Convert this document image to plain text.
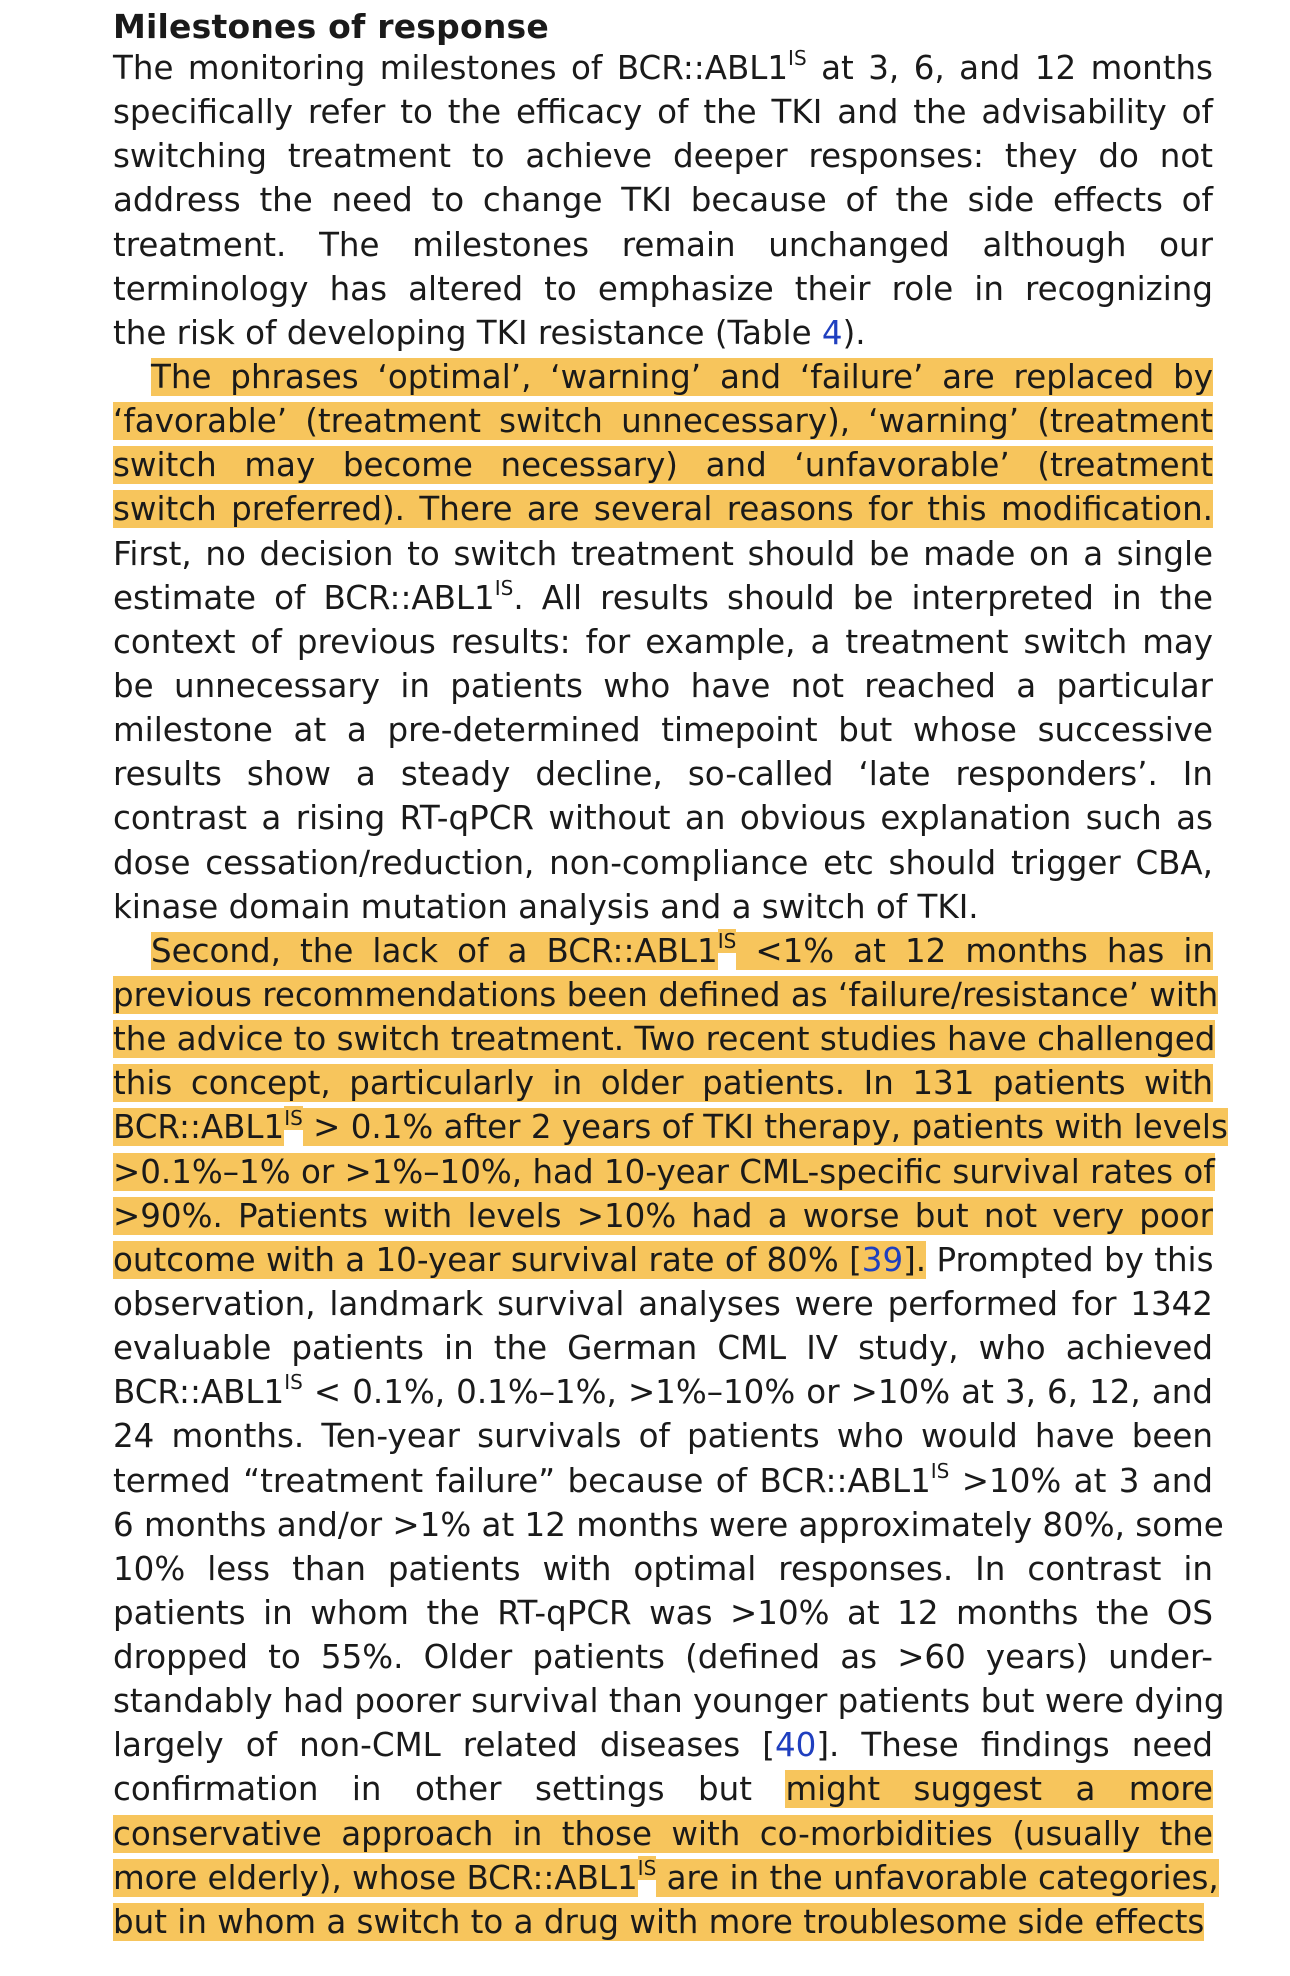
Milestones of response
The monitoring milestones of $BCR::ABL1^{IS}$ at 3, 6, and 12 months
specifically refer to the efficacy of the TKI and the advisability of
switching treatment to achieve deeper responses: they do not
address the need to change TKI because of the side effects of
treatment. The milestones remain unchanged although our
terminology has altered to emphasize their role in recognizing
the risk of developing TKI resistance (Table 4).
The phrases ‘optimal’, ‘warning’ and ‘failure’ are replaced by
‘favorable’ (treatment switch unnecessary), ‘warning’ (treatment
switch may become necessary) and ‘unfavorable’ (treatment
switch preferred). There are several reasons for this modification.
First, no decision to switch treatment should be made on a single
estimate of $BCR::ABL1^{IS}$. All results should be interpreted in the
context of previous results: for example, a treatment switch may
be unnecessary in patients who have not reached a particular
milestone at a pre-determined timepoint but whose successive
results show a steady decline, so-called ‘late responders’. In
contrast a rising RT-qPCR without an obvious explanation such as
dose cessation/reduction, non-compliance etc should trigger CBA,
kinase domain mutation analysis and a switch of TKI.
Second, the lack of a $BCR::ABL1^{IS} <1\%$ at 12 months has in
previous recommendations been defined as ‘failure/resistance’ with
the advice to switch treatment. Two recent studies have challenged
this concept, particularly in older patients. In 131 patients with
$BCR::ABL1^{IS} > 0.1\%$ after 2 years of TKI therapy, patients with levels
>0.1%–1% or >1%–10%, had 10-year CML-specific survival rates of
>90%. Patients with levels >10% had a worse but not very poor
outcome with a 10-year survival rate of 80% [39]. Prompted by this
observation, landmark survival analyses were performed for 1342
evaluable patients in the German CML IV study, who achieved
$BCR::ABL1^{IS} < 0.1\%$, 0.1%–1%, >1%–10% or >10% at 3, 6, 12, and
24 months. Ten-year survivals of patients who would have been
termed “treatment failure” because of $BCR::ABL1^{IS} >10\%$ at 3 and
6 months and/or >1% at 12 months were approximately 80%, some
10% less than patients with optimal responses. In contrast in
patients in whom the RT-qPCR was >10% at 12 months the OS
dropped to 55%. Older patients (defined as >60 years) under-
standably had poorer survival than younger patients but were dying
largely of non-CML related diseases [40]. These findings need
confirmation in other settings but might suggest a more
conservative approach in those with co-morbidities (usually the
more elderly), whose $BCR::ABL1^{IS}$ are in the unfavorable categories,
but in whom a switch to a drug with more troublesome side effects
